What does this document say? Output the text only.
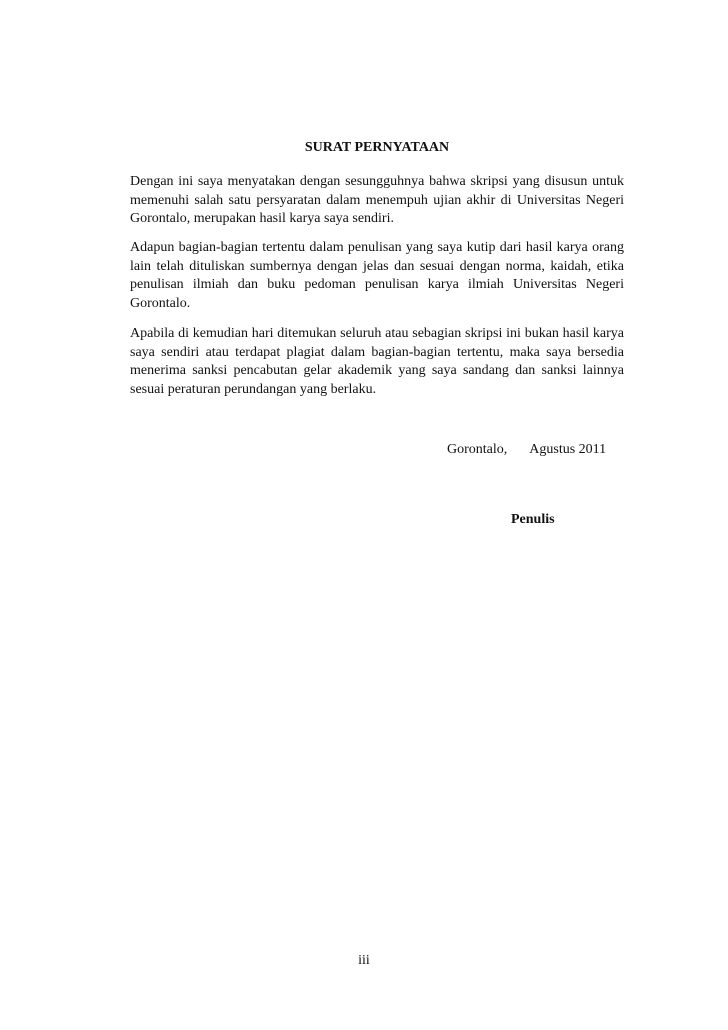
SURAT PERNYATAAN

Dengan ini saya menyatakan dengan sesungguhnya bahwa skripsi yang disusun untuk memenuhi salah satu persyaratan dalam menempuh ujian akhir di Universitas Negeri Gorontalo, merupakan hasil karya saya sendiri.

Adapun bagian-bagian tertentu dalam penulisan yang saya kutip dari hasil karya orang lain telah dituliskan sumbernya dengan jelas dan sesuai dengan norma, kaidah, etika penulisan ilmiah dan buku pedoman penulisan karya ilmiah Universitas Negeri Gorontalo.

Apabila di kemudian hari ditemukan seluruh atau sebagian skripsi ini bukan hasil karya saya sendiri atau terdapat plagiat dalam bagian-bagian tertentu, maka saya bersedia menerima sanksi pencabutan gelar akademik yang saya sandang dan sanksi lainnya sesuai peraturan perundangan yang berlaku.

Gorontalo, Agustus 2011
Penulis
iii
